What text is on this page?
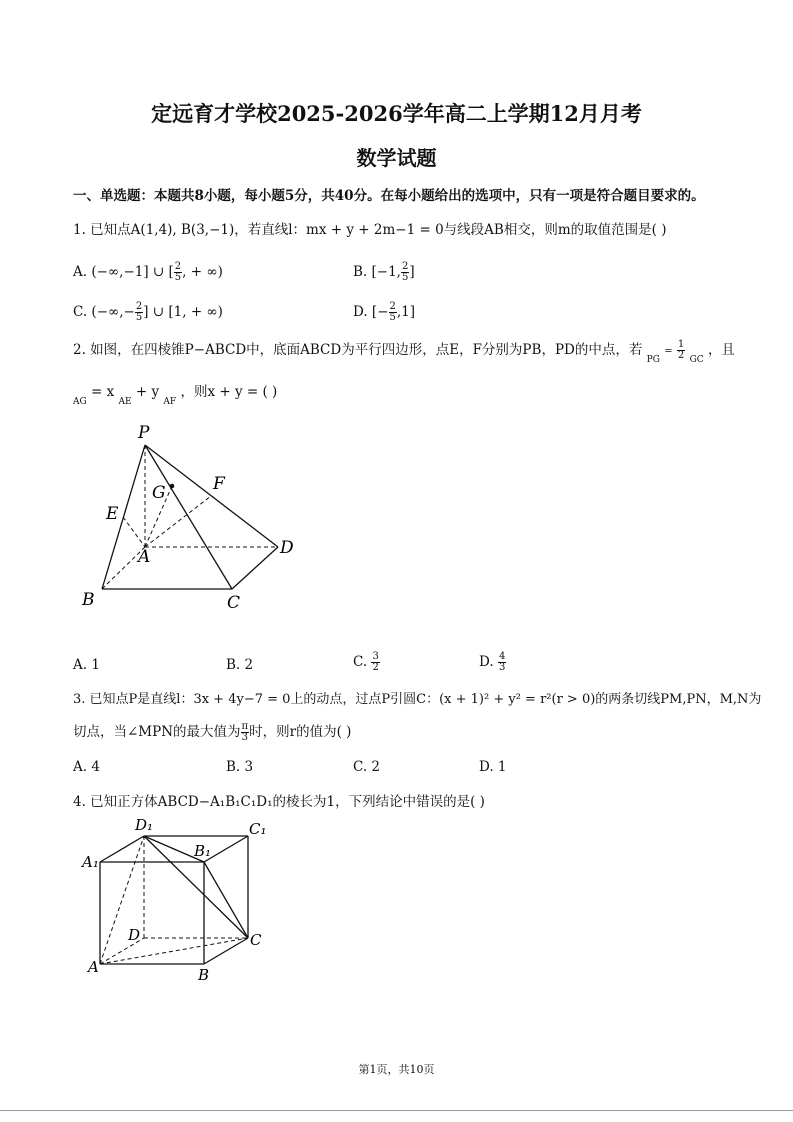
定远育才学校2025-2026学年高二上学期12月月考
数学试题
一、单选题：本题共8小题，每小题5分，共40分。在每小题给出的选项中，只有一项是符合题目要求的。
1. 已知点A(1,4), B(3,−1)，若直线l：mx + y + 2m−1 = 0与线段AB相交，则m的取值范围是( )
A. (−∞,−1] ∪ [ $\frac{2}{5}$ , + ∞)	B. [−1, $\frac{2}{5}$ ]
C. (−∞,− $\frac{2}{5}$ ] ∪ [1, + ∞)	D. [− $\frac{2}{5} ,1$]
2. 如图，在四棱锥P−ABCD中，底面ABCD为平行四边形，点E，F分别为PB，PD的中点，若 $_{PG} = \frac{1}{2} _{GC}$ ，且
$_{AG}$ = x $_{AE}$ + y $_{AF}$ ，则x + y = ( )
P
G	F
E
A	D
B	C
A. 1	B. 2	C. $\frac{3}{2}$	D. $\frac{4}{3}$
3. 已知点P是直线l：3x + 4y−7 = 0上的动点，过点P引圆C：(x + 1)² + y² = r²(r > 0)的两条切线PM,PN，M,N为
切点，当∠MPN的最大值为 $\frac{\pi}{3}$ 时，则r的值为( )
A. 4	B. 3	C. 2	D. 1
4. 已知正方体ABCD−A₁B₁C₁D₁的棱长为1，下列结论中错误的是( )
D₁	C₁
A₁
B₁
D	C
A	B
第1页，共10页
